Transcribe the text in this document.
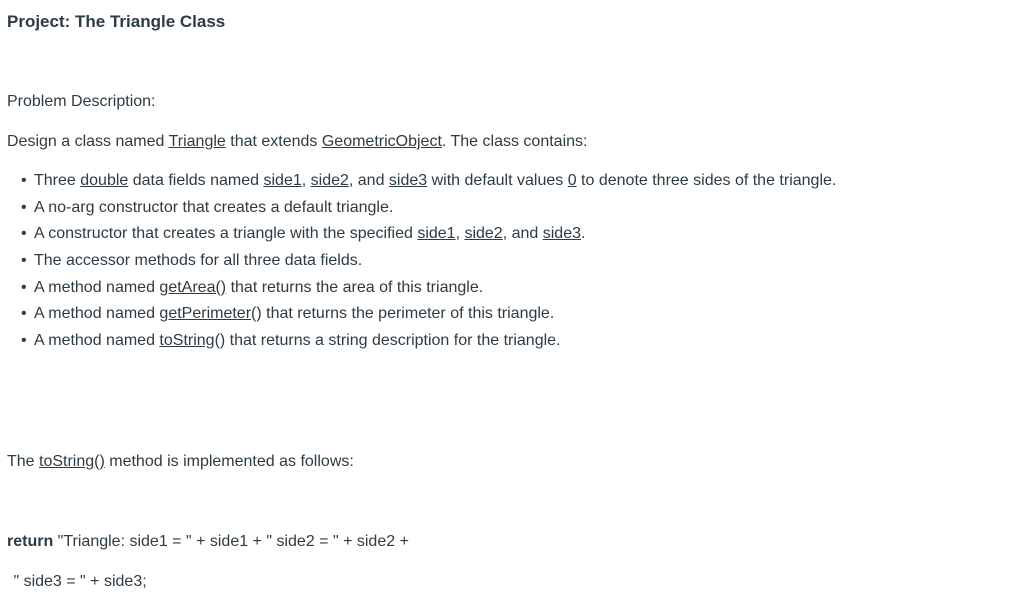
Project: The Triangle Class
Problem Description:
Design a class named Triangle that extends GeometricObject. The class contains:
• Three double data fields named side1, side2, and side3 with default values 0 to denote three sides of the triangle.
• A no-arg constructor that creates a default triangle.
• A constructor that creates a triangle with the specified side1, side2, and side3.
• The accessor methods for all three data fields.
• A method named getArea() that returns the area of this triangle.
• A method named getPerimeter() that returns the perimeter of this triangle.
• A method named toString() that returns a string description for the triangle.
The toString() method is implemented as follows:
return "Triangle: side1 = " + side1 + " side2 = " + side2 +
" side3 = " + side3;
